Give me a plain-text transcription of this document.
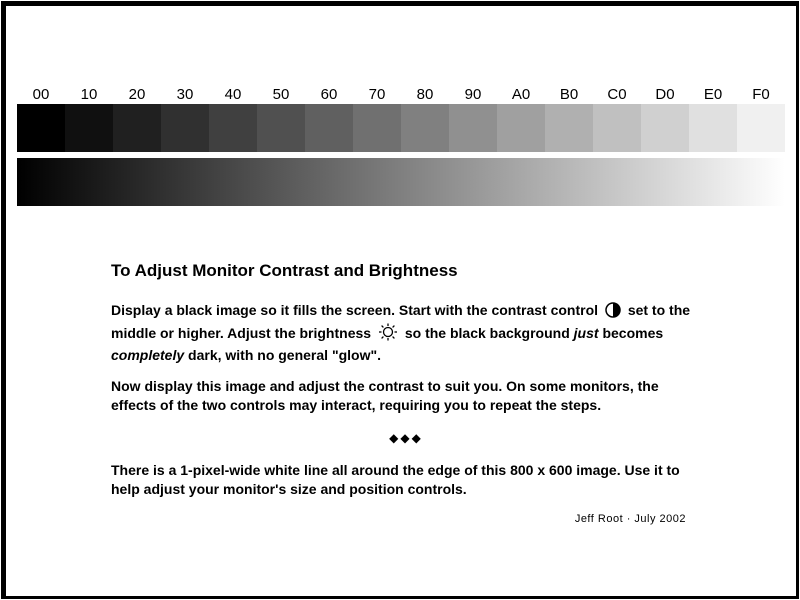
00	10	20	30	40	50	60	70	80	90	A0	B0	C0	D0	E0	F0
To Adjust Monitor Contrast and Brightness

Display a black image so it fills the screen. Start with the contrast control set to the middle or higher. Adjust the brightness so the black background just becomes completely dark, with no general "glow".

Now display this image and adjust the contrast to suit you. On some monitors, the effects of the two controls may interact, requiring you to repeat the steps.

◆◆◆

There is a 1-pixel-wide white line all around the edge of this 800 x 600 image. Use it to help adjust your monitor's size and position controls.

Jeff Root · July 2002
